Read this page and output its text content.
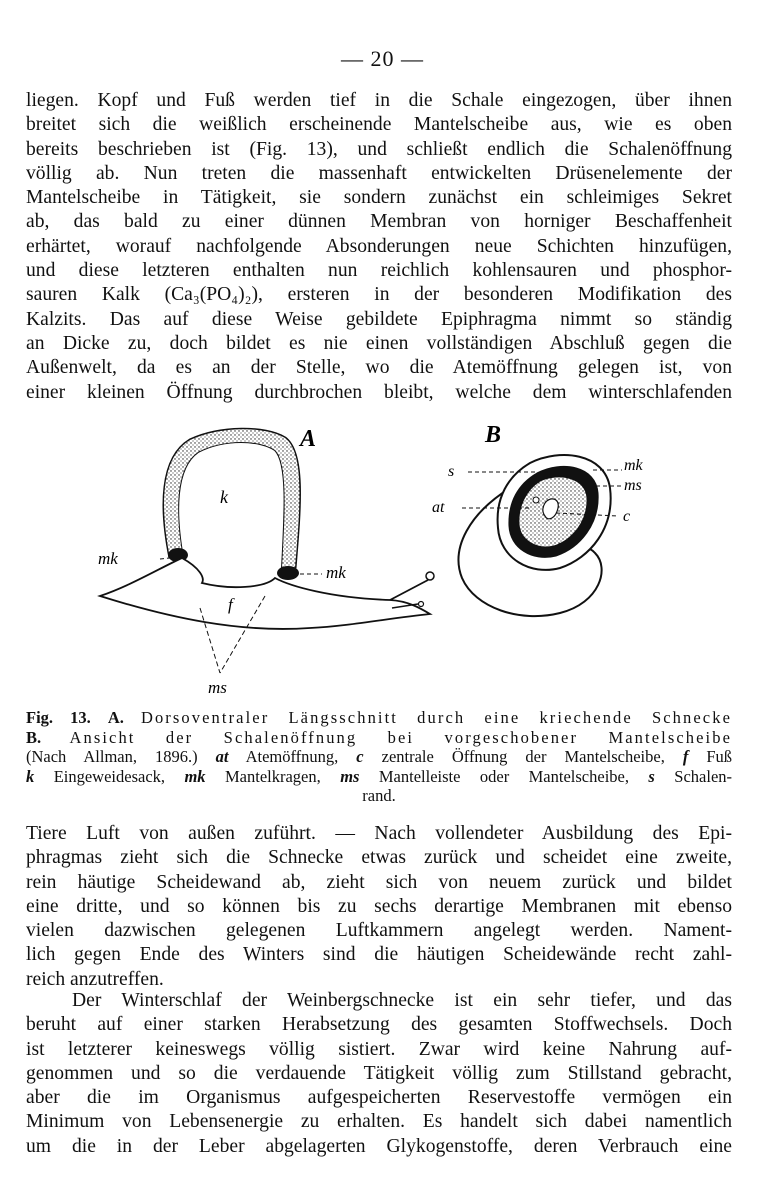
— 20 —
liegen. Kopf und Fuß werden tief in die Schale eingezogen, über ihnen
breitet sich die weißlich erscheinende Mantelscheibe aus, wie es oben
bereits beschrieben ist (Fig. 13), und schließt endlich die Schalenöffnung
völlig ab. Nun treten die massenhaft entwickelten Drüsenelemente der
Mantelscheibe in Tätigkeit, sie sondern zunächst ein schleimiges Sekret
ab, das bald zu einer dünnen Membran von horniger Beschaffenheit
erhärtet, worauf nachfolgende Absonderungen neue Schichten hinzufügen,
und diese letzteren enthalten nun reichlich kohlensauren und phosphor-
sauren Kalk (Ca₃(PO₄)₂), ersteren in der besonderen Modifikation des
Kalzits. Das auf diese Weise gebildete Epiphragma nimmt so ständig
an Dicke zu, doch bildet es nie einen vollständigen Abschluß gegen die
Außenwelt, da es an der Stelle, wo die Atemöffnung gelegen ist, von
einer kleinen Öffnung durchbrochen bleibt, welche dem winterschlafenden
k
mk
mk
f
ms
A
s
at
mk
ms
c
B
Fig. 13. A. Dorsoventraler Längsschnitt durch eine kriechende Schnecke
B. Ansicht der Schalenöffnung bei vorgeschobener Mantelscheibe
(Nach Allman, 1896.) at Atemöffnung, c zentrale Öffnung der Mantelscheibe, f Fuß
k Eingeweidesack, mk Mantelkragen, ms Mantelleiste oder Mantelscheibe, s Schalen-
rand.
Tiere Luft von außen zuführt. — Nach vollendeter Ausbildung des Epi-
phragmas zieht sich die Schnecke etwas zurück und scheidet eine zweite,
rein häutige Scheidewand ab, zieht sich von neuem zurück und bildet
eine dritte, und so können bis zu sechs derartige Membranen mit ebenso
vielen dazwischen gelegenen Luftkammern angelegt werden. Nament-
lich gegen Ende des Winters sind die häutigen Scheidewände recht zahl-
reich anzutreffen.
Der Winterschlaf der Weinbergschnecke ist ein sehr tiefer, und das
beruht auf einer starken Herabsetzung des gesamten Stoffwechsels. Doch
ist letzterer keineswegs völlig sistiert. Zwar wird keine Nahrung auf-
genommen und so die verdauende Tätigkeit völlig zum Stillstand gebracht,
aber die im Organismus aufgespeicherten Reservestoffe vermögen ein
Minimum von Lebensenergie zu erhalten. Es handelt sich dabei namentlich
um die in der Leber abgelagerten Glykogenstoffe, deren Verbrauch eine
